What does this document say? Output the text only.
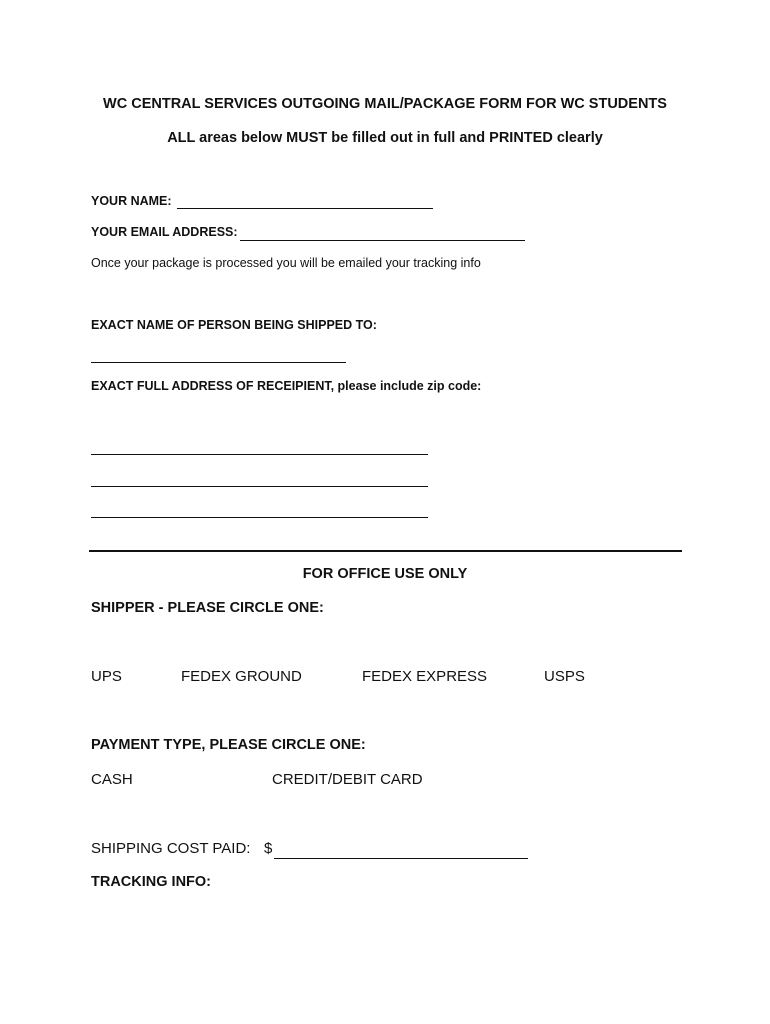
WC CENTRAL SERVICES OUTGOING MAIL/PACKAGE FORM FOR WC STUDENTS
ALL areas below MUST be filled out in full and PRINTED clearly
YOUR NAME:
YOUR EMAIL ADDRESS:
Once your package is processed you will be emailed your tracking info
EXACT NAME OF PERSON BEING SHIPPED TO:
EXACT FULL ADDRESS OF RECEIPIENT, please include zip code:
FOR OFFICE USE ONLY
SHIPPER - PLEASE CIRCLE ONE:
UPS	FEDEX GROUND	FEDEX EXPRESS	USPS
PAYMENT TYPE, PLEASE CIRCLE ONE:
CASH	CREDIT/DEBIT CARD
SHIPPING COST PAID: $
TRACKING INFO:
